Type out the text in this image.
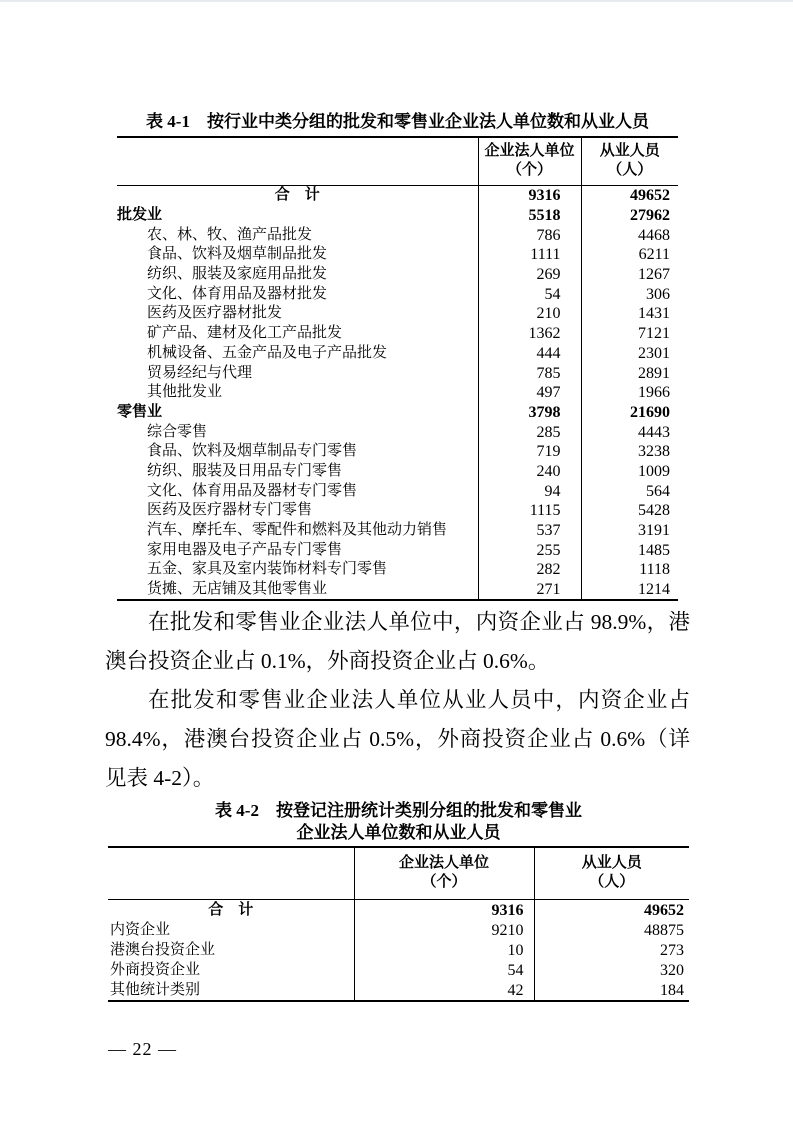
表 4-1　按行业中类分组的批发和零售业企业法人单位数和从业人员

企业法人单位
（个）

从业人员
（人）

合　计	9316	49652
批发业	5518	27962
农、林、牧、渔产品批发	786	4468
食品、饮料及烟草制品批发	1111	6211
纺织、服装及家庭用品批发	269	1267
文化、体育用品及器材批发	54	306
医药及医疗器材批发	210	1431
矿产品、建材及化工产品批发	1362	7121
机械设备、五金产品及电子产品批发	444	2301
贸易经纪与代理	785	2891
其他批发业	497	1966
零售业	3798	21690
综合零售	285	4443
食品、饮料及烟草制品专门零售	719	3238
纺织、服装及日用品专门零售	240	1009
文化、体育用品及器材专门零售	94	564
医药及医疗器材专门零售	1115	5428
汽车、摩托车、零配件和燃料及其他动力销售	537	3191
家用电器及电子产品专门零售	255	1485
五金、家具及室内装饰材料专门零售	282	1118
货摊、无店铺及其他零售业	271	1214

在批发和零售业企业法人单位中，内资企业占 98.9%，港澳台投资企业占 0.1%，外商投资企业占 0.6%。

在批发和零售业企业法人单位从业人员中，内资企业占 98.4%，港澳台投资企业占 0.5%，外商投资企业占 0.6%（详见表 4-2）。

表 4-2　按登记注册统计类别分组的批发和零售业
企业法人单位数和从业人员

企业法人单位
（个）

从业人员
（人）

合　计	9316	49652
内资企业	9210	48875
港澳台投资企业	10	273
外商投资企业	54	320
其他统计类别	42	184
— 22 —
